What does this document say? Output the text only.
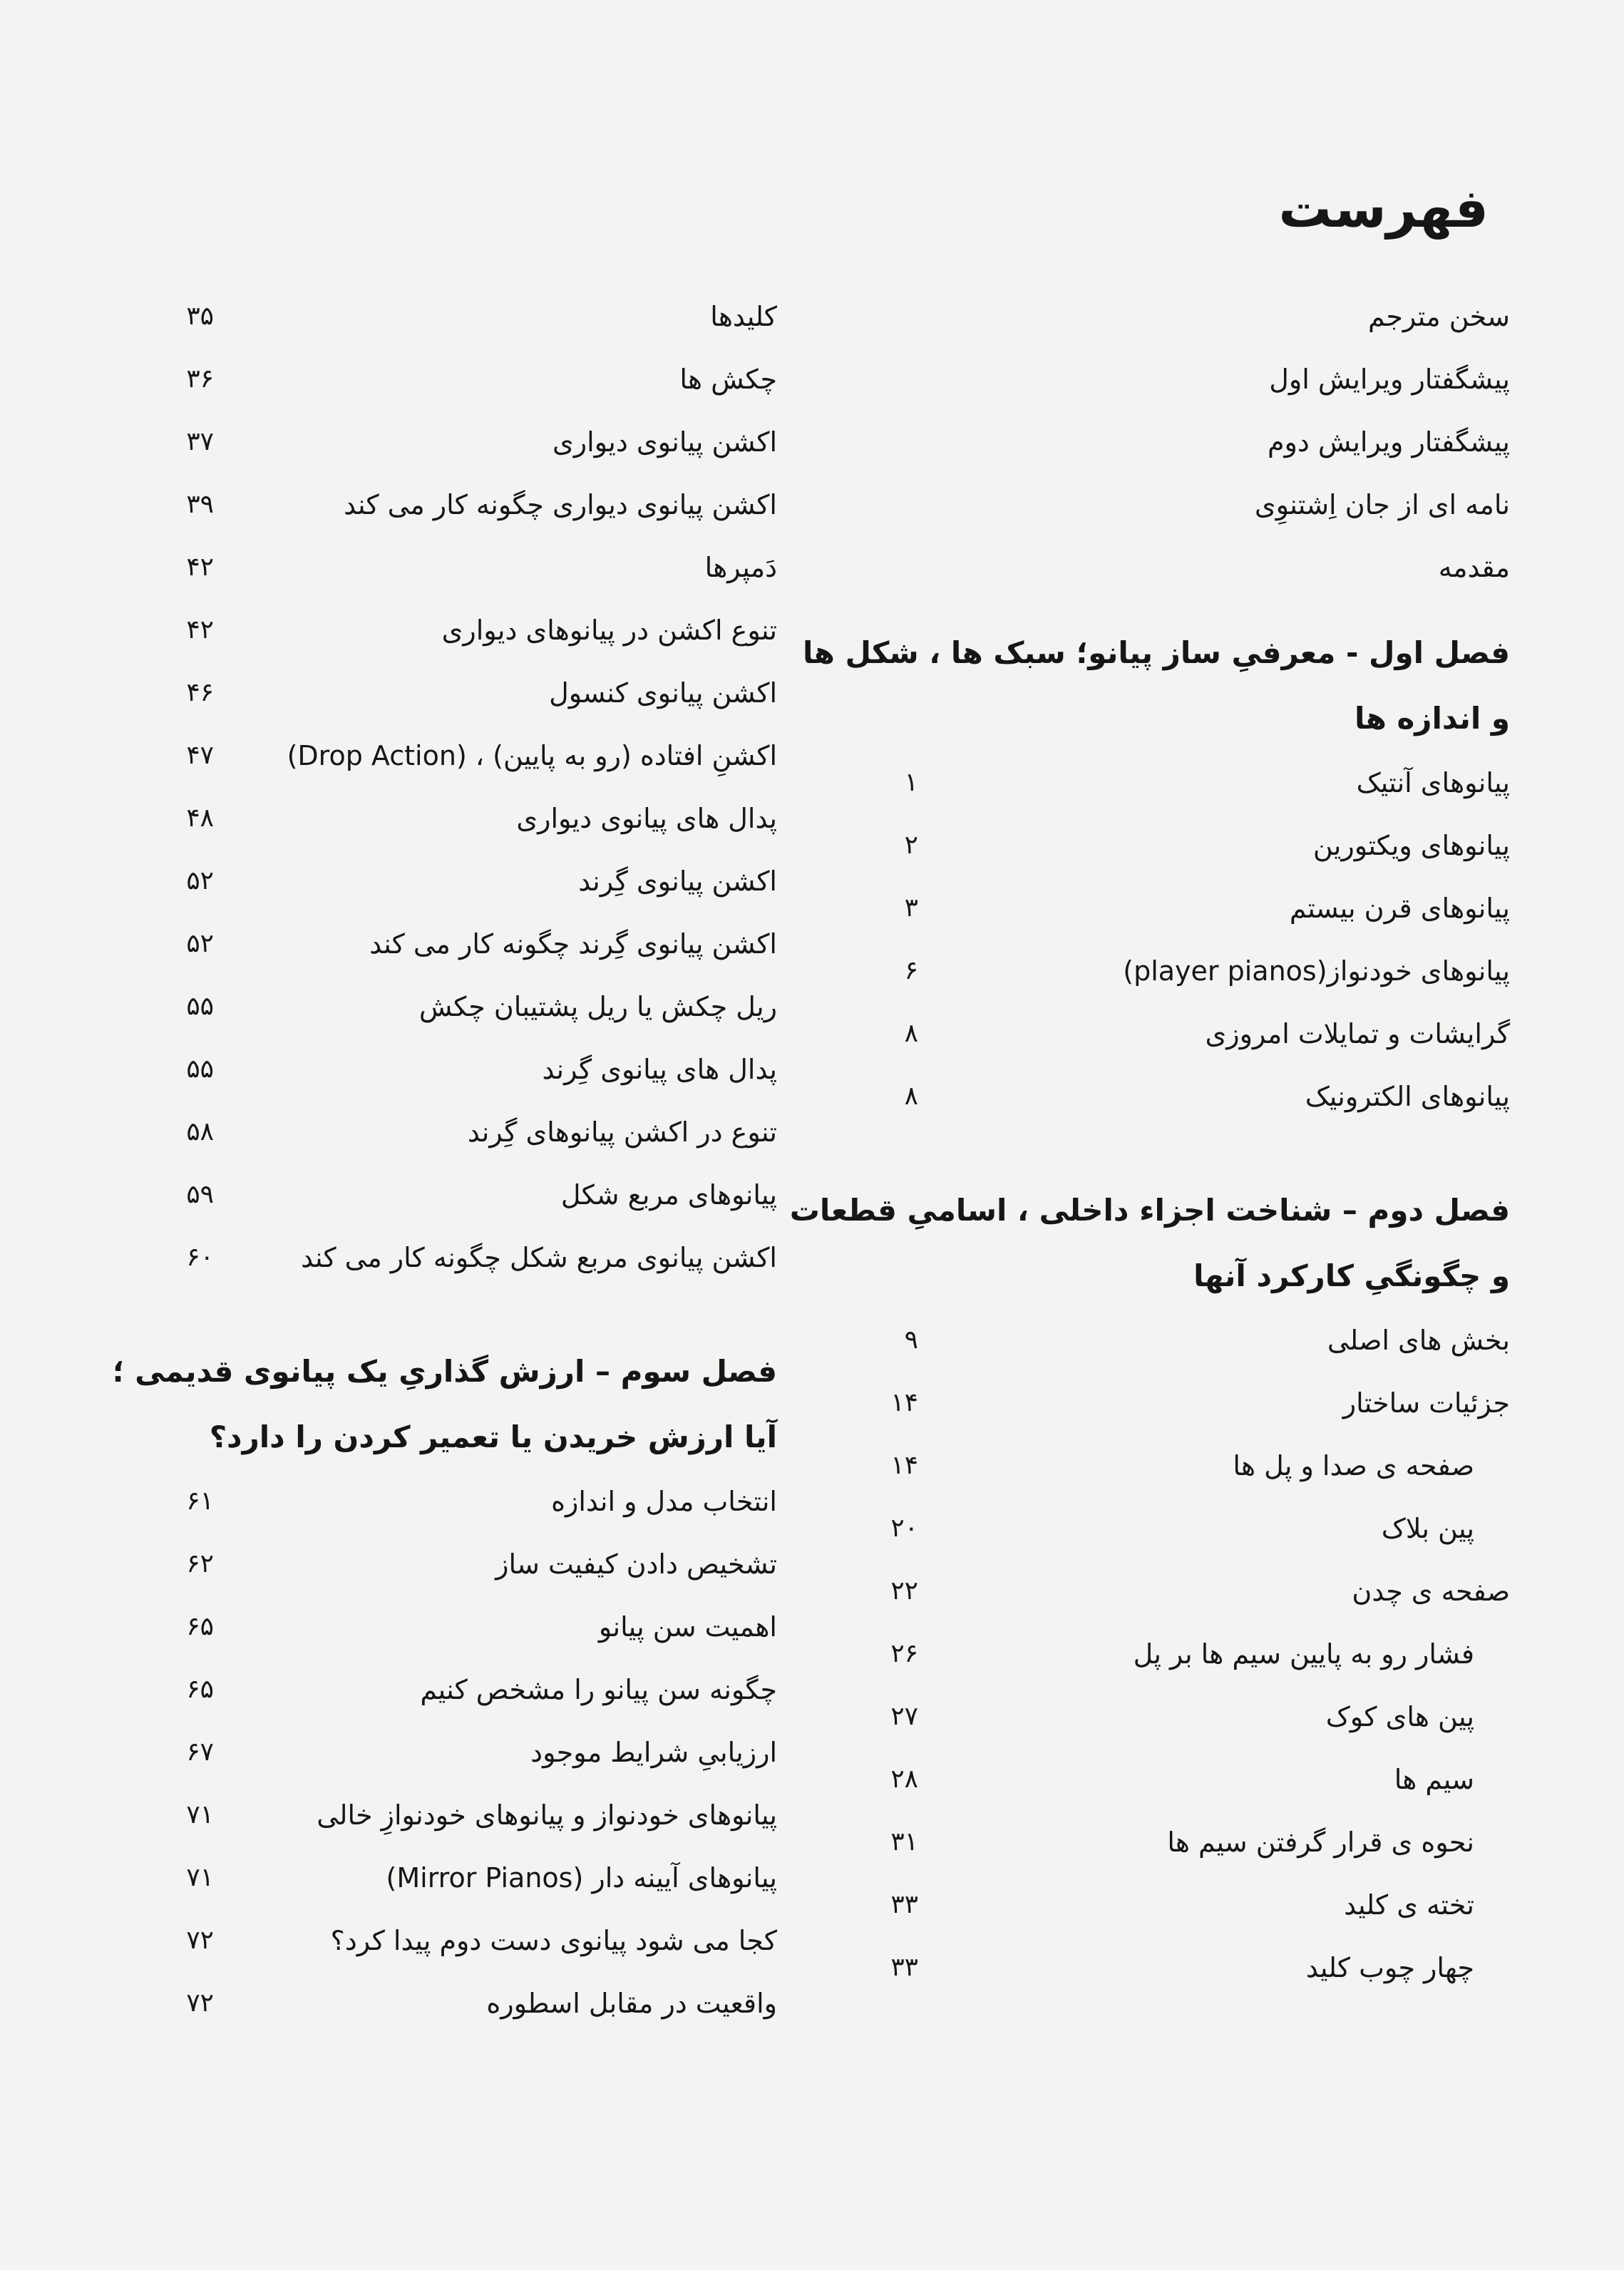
فهرست
سخن مترجم
پیشگفتار ویرایش اول
پیشگفتار ویرایش دوم
نامه ای از جان اِشتنوِی
مقدمه
فصل اول - معرفیِ ساز پیانو؛ سبک ها ، شکل ها
و اندازه ها
پیانوهای آنتیک
۱
پیانوهای ویکتورین
۲
پیانوهای قرن بیستم
۳
پیانوهای خودنواز(player pianos)
۶
گرایشات و تمایلات امروزی
۸
پیانوهای الکترونیک
۸
فصل دوم – شناخت اجزاء داخلی ، اسامیِ قطعات
و چگونگیِ کارکرد آنها
بخش های اصلی
۹
جزئیات ساختار
۱۴
صفحه ی صدا و پل ها
۱۴
پین بلاک
۲۰
صفحه ی چدن
۲۲
فشار رو به پایین سیم ها بر پل
۲۶
پین های کوک
۲۷
سیم ها
۲۸
نحوه ی قرار گرفتن سیم ها
۳۱
تخته ی کلید
۳۳
چهار چوب کلید
۳۳
کلیدها
۳۵
چکش ها
۳۶
اکشن پیانوی دیواری
۳۷
اکشن پیانوی دیواری چگونه کار می کند
۳۹
دَمپرها
۴۲
تنوع اکشن در پیانوهای دیواری
۴۲
اکشن پیانوی کنسول
۴۶
اکشنِ افتاده (رو به پایین) ، (Drop Action)
۴۷
پدال های پیانوی دیواری
۴۸
اکشن پیانوی گِرند
۵۲
اکشن پیانوی گِرند چگونه کار می کند
۵۲
ریل چکش یا ریل پشتیبان چکش
۵۵
پدال های پیانوی گِرند
۵۵
تنوع در اکشن پیانوهای گِرند
۵۸
پیانوهای مربع شکل
۵۹
اکشن پیانوی مربع شکل چگونه کار می کند
۶۰
فصل سوم – ارزش گذاریِ یک پیانوی قدیمی ؛
آیا ارزش خریدن یا تعمیر کردن را دارد؟
انتخاب مدل و اندازه
۶۱
تشخیص دادن کیفیت ساز
۶۲
اهمیت سن پیانو
۶۵
چگونه سن پیانو را مشخص کنیم
۶۵
ارزیابیِ شرایط موجود
۶۷
پیانوهای خودنواز و پیانوهای خودنوازِ خالی
۷۱
پیانوهای آیینه دار (Mirror Pianos)
۷۱
کجا می شود پیانوی دست دوم پیدا کرد؟
۷۲
واقعیت در مقابل اسطوره
۷۲
